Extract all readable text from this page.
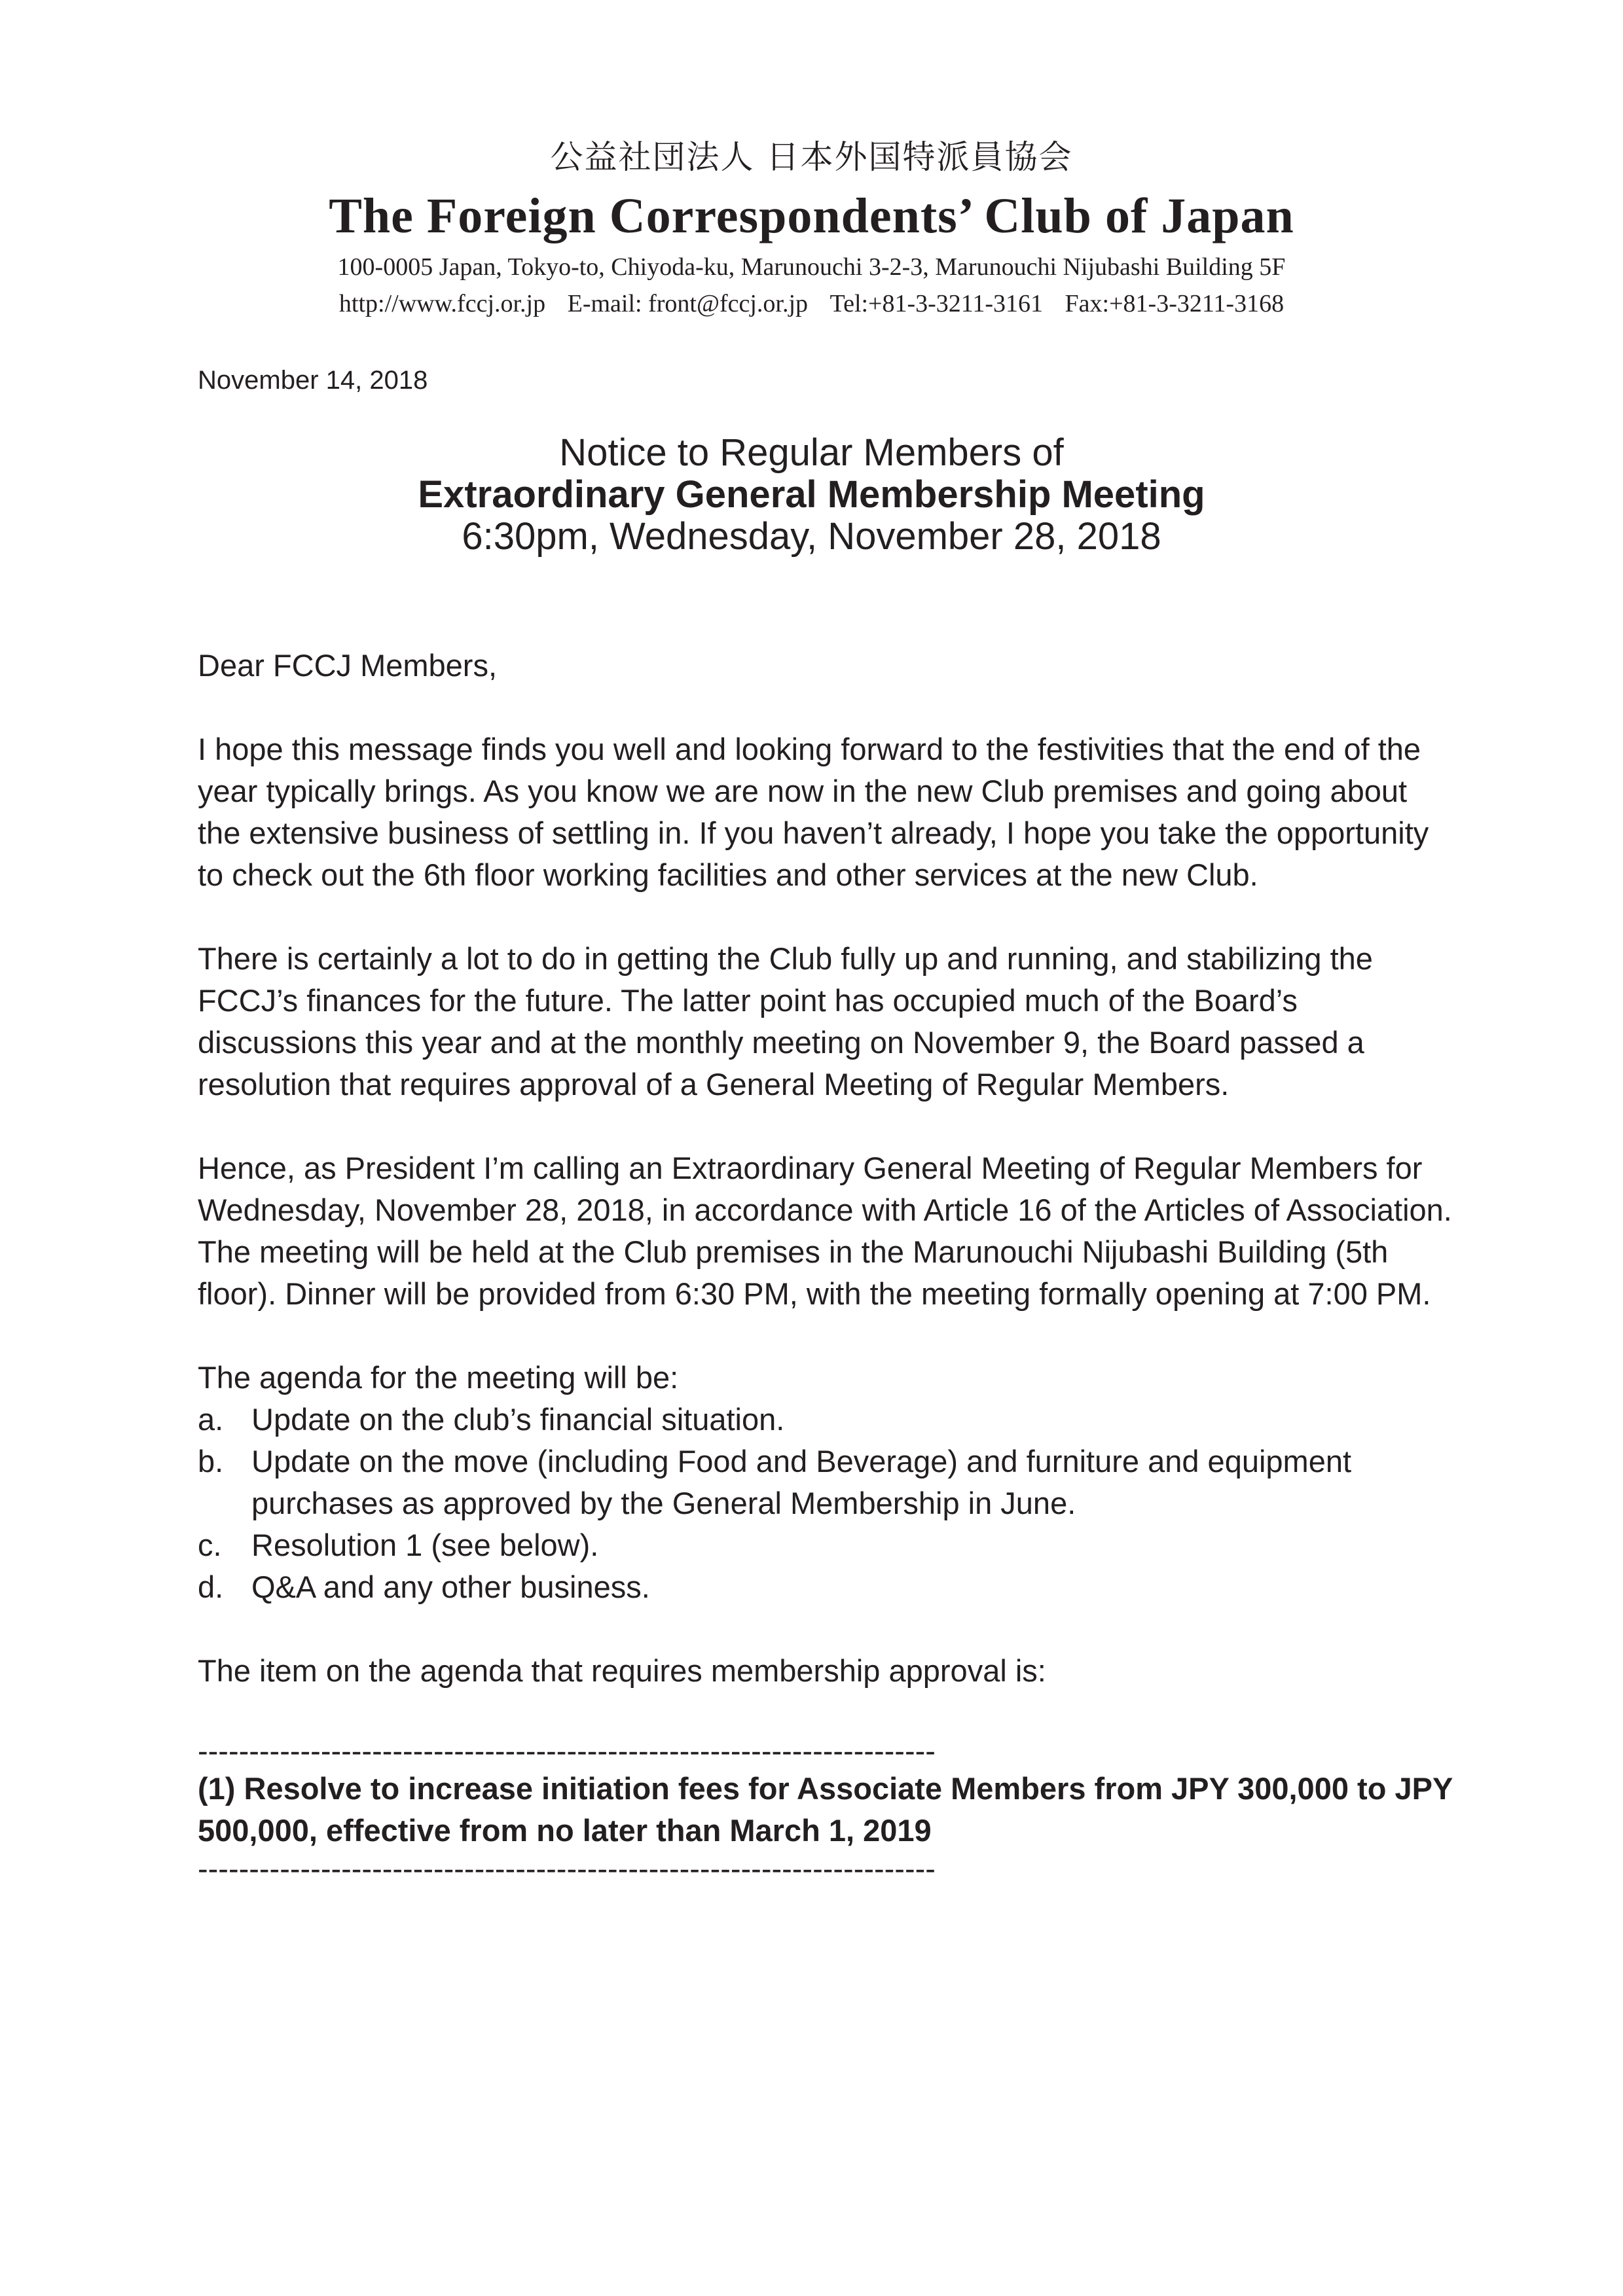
公益社団法人 日本外国特派員協会
The Foreign Correspondents’ Club of Japan
100-0005 Japan, Tokyo-to, Chiyoda-ku, Marunouchi 3-2-3, Marunouchi Nijubashi Building 5F
http://www.fccj.or.jp E-mail: front@fccj.or.jp Tel:+81-3-3211-3161 Fax:+81-3-3211-3168
November 14, 2018
Notice to Regular Members of
Extraordinary General Membership Meeting
6:30pm, Wednesday, November 28, 2018

Dear FCCJ Members,

I hope this message finds you well and looking forward to the festivities that the end of the year typically brings. As you know we are now in the new Club premises and going about the extensive business of settling in. If you haven’t already, I hope you take the opportunity to check out the 6th floor working facilities and other services at the new Club.

There is certainly a lot to do in getting the Club fully up and running, and stabilizing the FCCJ’s finances for the future. The latter point has occupied much of the Board’s discussions this year and at the monthly meeting on November 9, the Board passed a resolution that requires approval of a General Meeting of Regular Members.

Hence, as President I’m calling an Extraordinary General Meeting of Regular Members for Wednesday, November 28, 2018, in accordance with Article 16 of the Articles of Association. The meeting will be held at the Club premises in the Marunouchi Nijubashi Building (5th floor). Dinner will be provided from 6:30 PM, with the meeting formally opening at 7:00 PM.

The agenda for the meeting will be:

a. Update on the club’s financial situation.
b. Update on the move (including Food and Beverage) and furniture and equipment purchases as approved by the General Membership in June.
c. Resolution 1 (see below).
d. Q&A and any other business.

The item on the agenda that requires membership approval is:

------------------------------------------------------------------------
(1) Resolve to increase initiation fees for Associate Members from JPY 300,000 to JPY 500,000, effective from no later than March 1, 2019
------------------------------------------------------------------------
